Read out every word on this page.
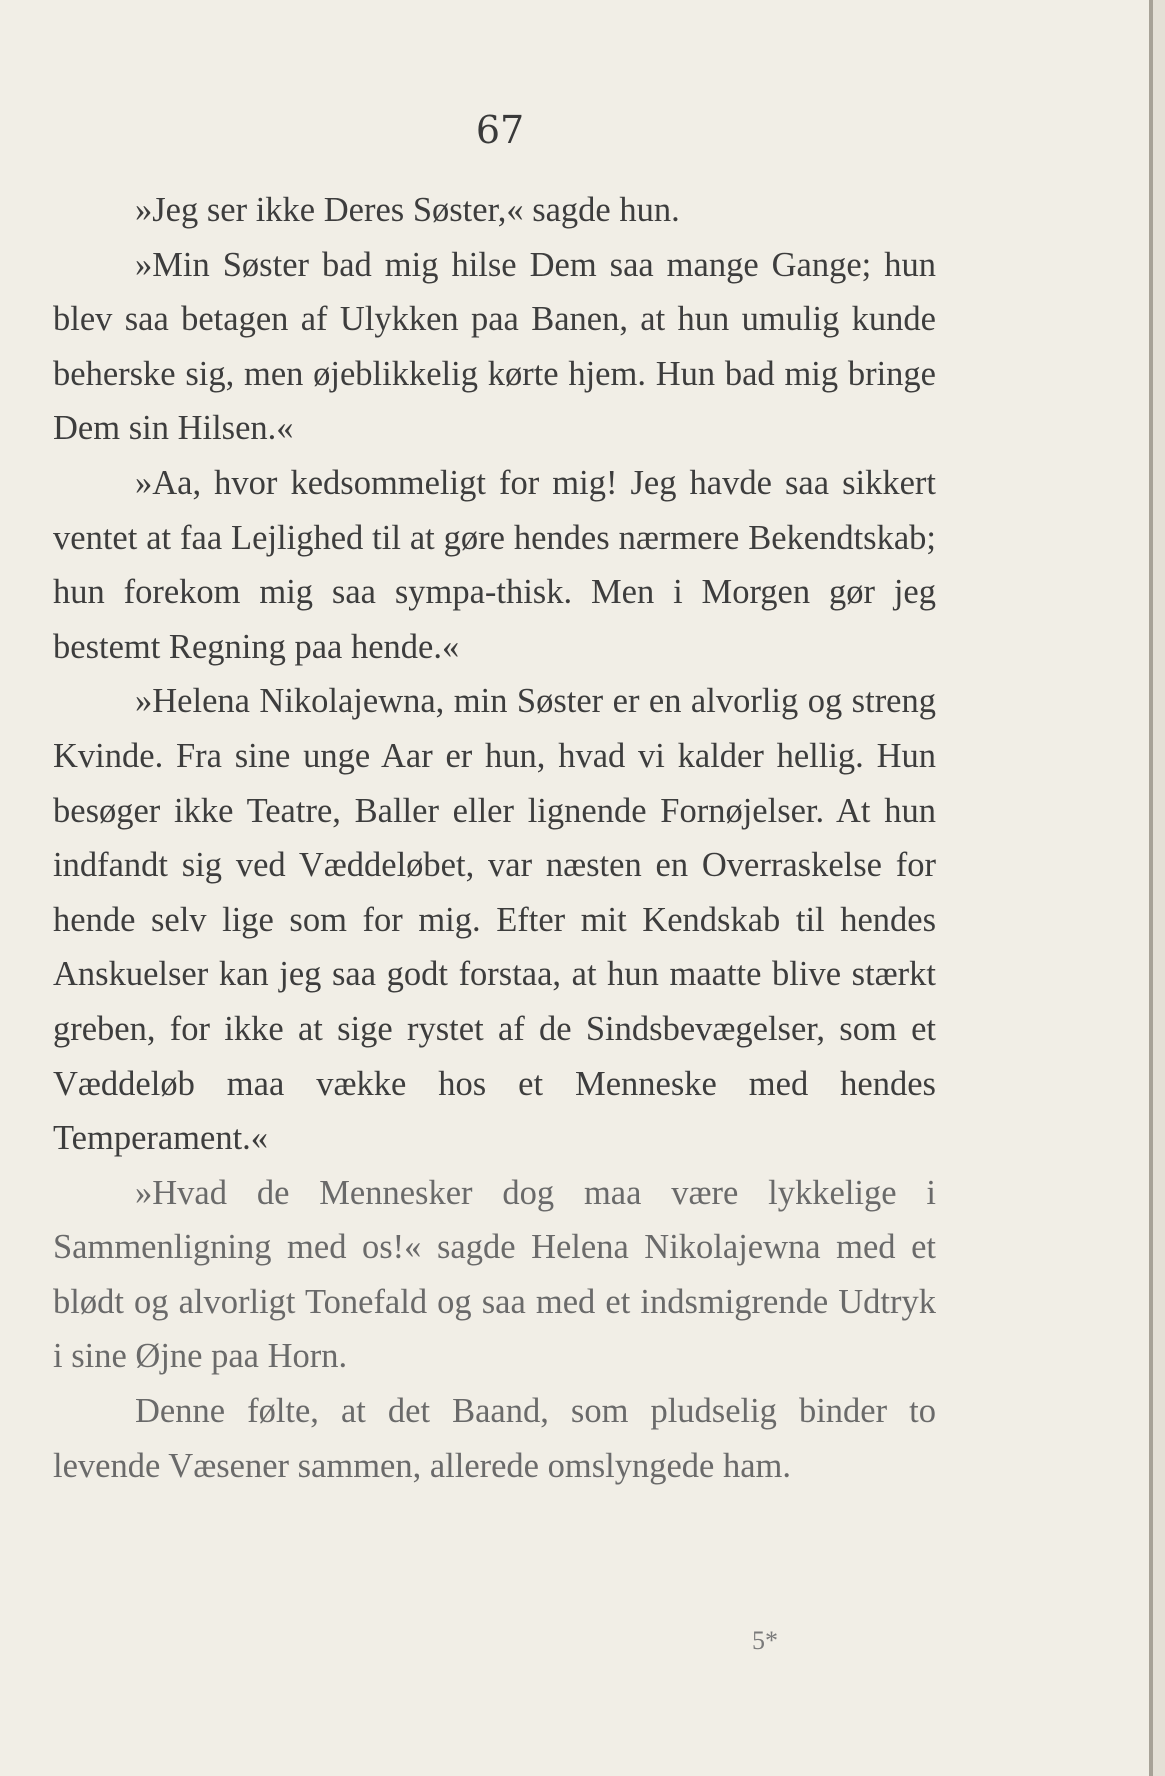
67

»Jeg ser ikke Deres Søster,« sagde hun.

»Min Søster bad mig hilse Dem saa mange Gange; hun blev saa betagen af Ulykken paa Banen, at hun umulig kunde beherske sig, men øjeblikkelig kørte hjem. Hun bad mig bringe Dem sin Hilsen.«

»Aa, hvor kedsommeligt for mig! Jeg havde saa sikkert ventet at faa Lejlighed til at gøre hendes nærmere Bekendtskab; hun forekom mig saa sympa-thisk. Men i Morgen gør jeg bestemt Regning paa hende.«

»Helena Nikolajewna, min Søster er en alvorlig og streng Kvinde. Fra sine unge Aar er hun, hvad vi kalder hellig. Hun besøger ikke Teatre, Baller eller lignende Fornøjelser. At hun indfandt sig ved Væddeløbet, var næsten en Overraskelse for hende selv lige som for mig. Efter mit Kendskab til hendes Anskuelser kan jeg saa godt forstaa, at hun maatte blive stærkt greben, for ikke at sige rystet af de Sindsbevægelser, som et Væddeløb maa vække hos et Menneske med hendes Temperament.«

»Hvad de Mennesker dog maa være lykkelige i Sammenligning med os!« sagde Helena Nikolajewna med et blødt og alvorligt Tonefald og saa med et indsmigrende Udtryk i sine Øjne paa Horn.

Denne følte, at det Baand, som pludselig binder to levende Væsener sammen, allerede omslyngede ham.

5*
